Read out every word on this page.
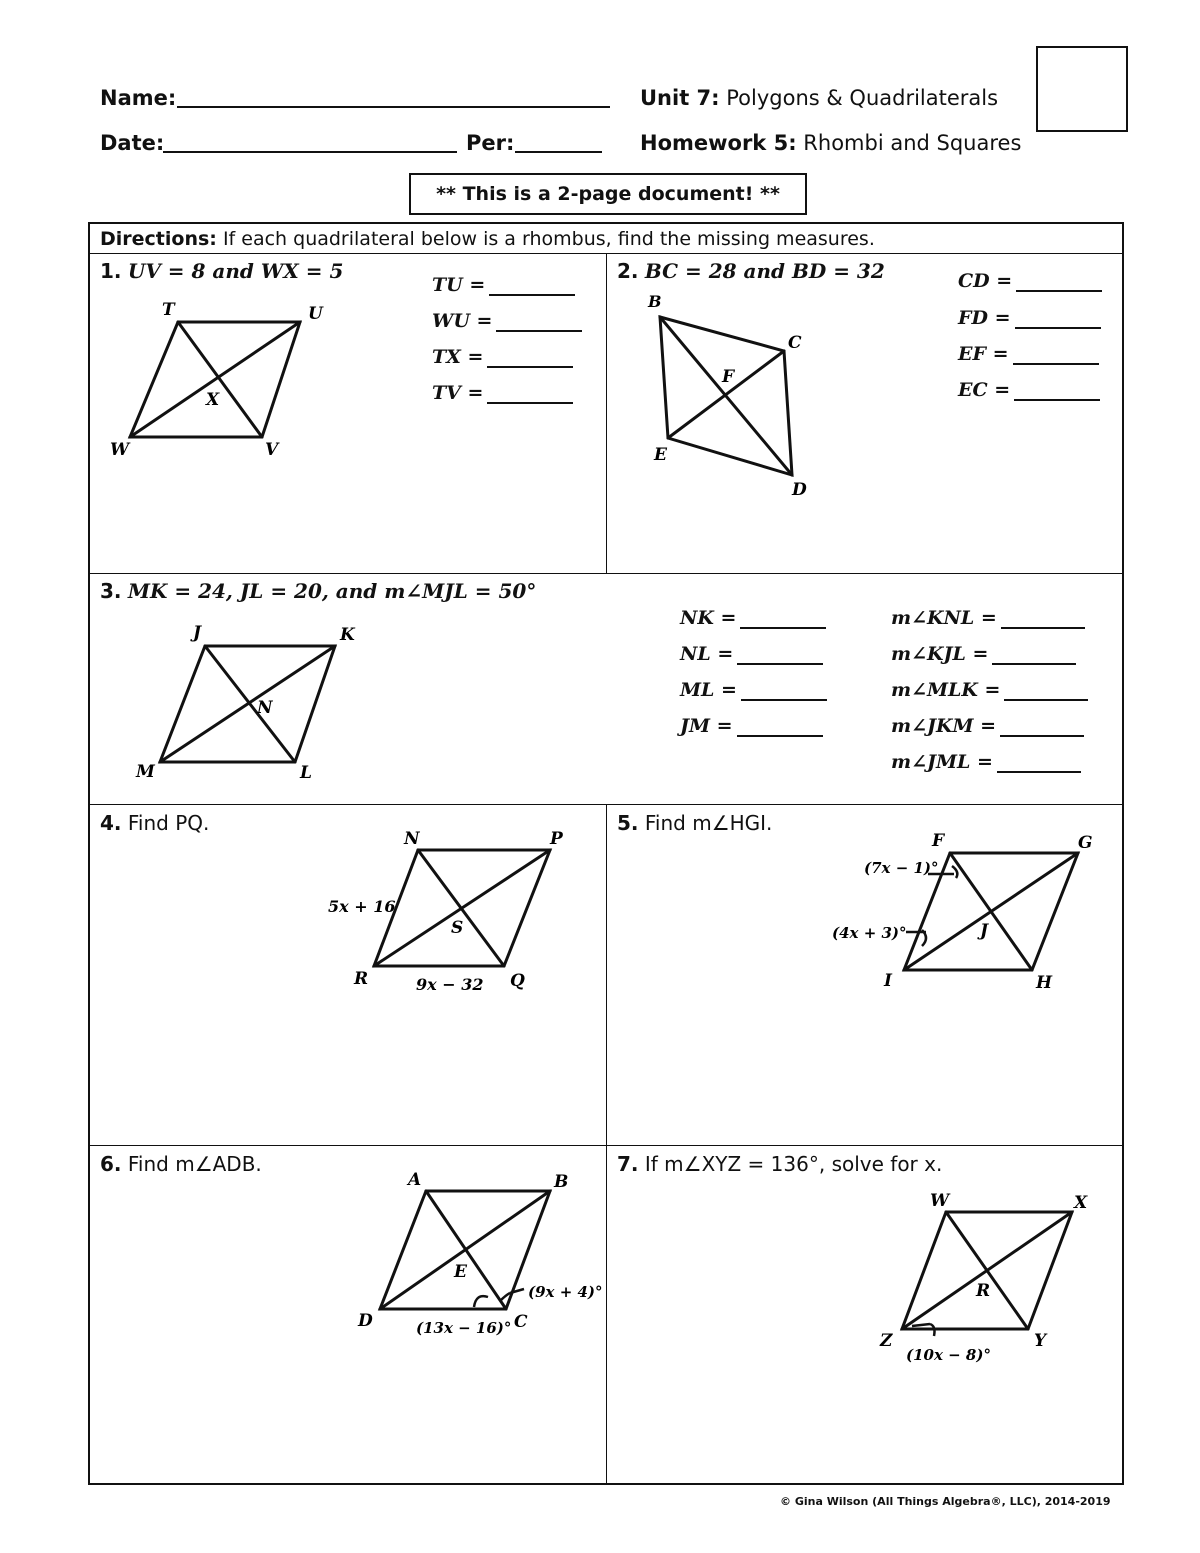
Name:
Date:	Per:
Unit 7: Polygons & Quadrilaterals
Homework 5: Rhombi and Squares
** This is a 2-page document! **
Directions: If each quadrilateral below is a rhombus, find the missing measures.
1. UV = 8 and WX = 5
T	U
W	V
X
TU =
WU =
TX =
TV =
2. BC = 28 and BD = 32
B
C
F
E
D
CD =
FD =
EF =
EC =
3. MK = 24, JL = 20, and m∠MJL = 50°
J	K
N
M	L
NK =
NL =
ML =
JM =
m∠KNL =
m∠KJL =
m∠MLK =
m∠JKM =
m∠JML =
4. Find PQ.
N	P
S
R	Q
5x + 16
9x − 32
5. Find m∠HGI.
F	G
J
I	H
(7x − 1)°
(4x + 3)°
6. Find m∠ADB.
A	B
E
D	C
(9x + 4)°
(13x − 16)°
7. If m∠XYZ = 136°, solve for x.
W	X
R
Z	Y
(10x − 8)°
© Gina Wilson (All Things Algebra®, LLC), 2014-2019
